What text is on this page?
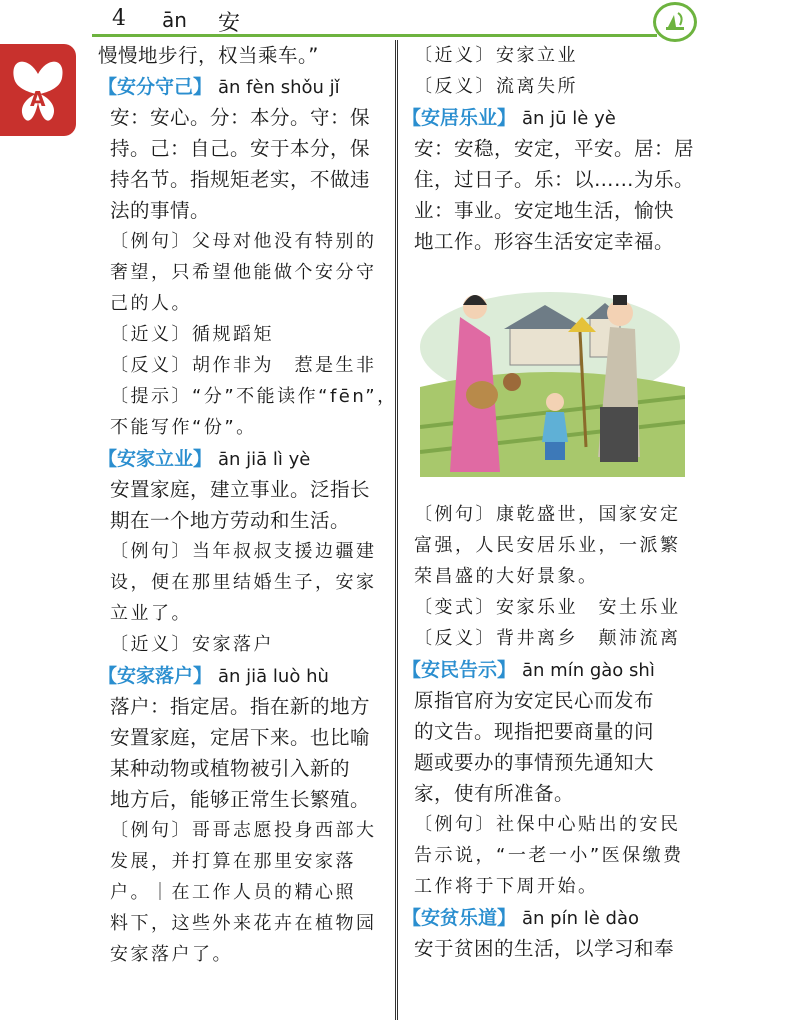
4 ān 安
A
慢慢地步行，权当乘车。”
【安分守己】 ān fèn shǒu jǐ
安：安心。分：本分。守：保
持。己：自己。安于本分，保
持名节。指规矩老实，不做违
法的事情。
〔例句〕父母对他没有特别的
奢望，只希望他能做个安分守
己的人。
〔近义〕循规蹈矩
〔反义〕胡作非为　惹是生非
〔提示〕“分”不能读作“fēn”，
不能写作“份”。
【安家立业】 ān jiā lì yè
安置家庭，建立事业。泛指长
期在一个地方劳动和生活。
〔例句〕当年叔叔支援边疆建
设，便在那里结婚生子，安家
立业了。
〔近义〕安家落户
【安家落户】 ān jiā luò hù
落户：指定居。指在新的地方
安置家庭，定居下来。也比喻
某种动物或植物被引入新的
地方后，能够正常生长繁殖。
〔例句〕哥哥志愿投身西部大
发展，并打算在那里安家落
户。｜在工作人员的精心照
料下，这些外来花卉在植物园
安家落户了。
〔近义〕安家立业
〔反义〕流离失所
【安居乐业】 ān jū lè yè
安：安稳，安定，平安。居：居
住，过日子。乐：以……为乐。
业：事业。安定地生活，愉快
地工作。形容生活安定幸福。
〔例句〕康乾盛世，国家安定
富强，人民安居乐业，一派繁
荣昌盛的大好景象。
〔变式〕安家乐业　安土乐业
〔反义〕背井离乡　颠沛流离
【安民告示】 ān mín gào shì
原指官府为安定民心而发布
的文告。现指把要商量的问
题或要办的事情预先通知大
家，使有所准备。
〔例句〕社保中心贴出的安民
告示说，“一老一小”医保缴费
工作将于下周开始。
【安贫乐道】 ān pín lè dào
安于贫困的生活，以学习和奉
